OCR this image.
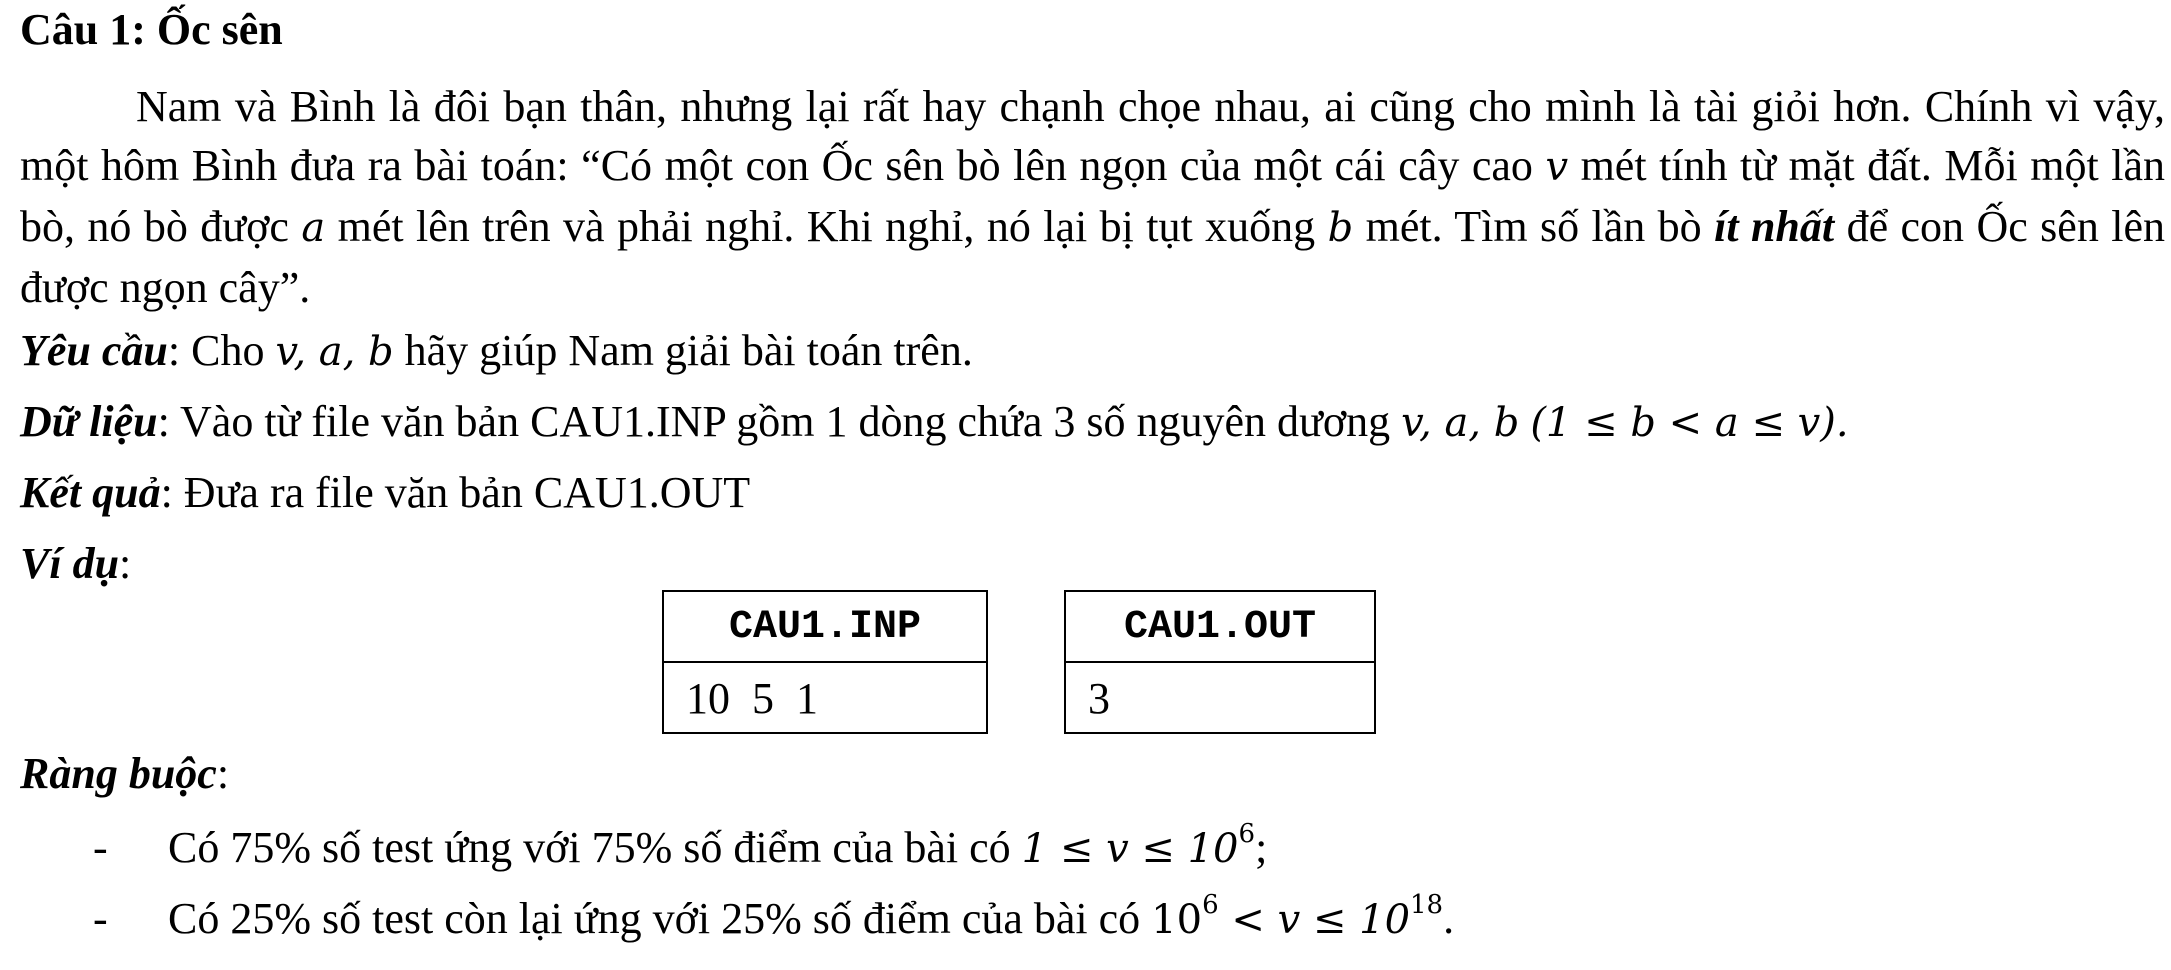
Câu 1: Ốc sên
Nam và Bình là đôi bạn thân, nhưng lại rất hay chạnh chọe nhau, ai cũng cho mình là tài giỏi hơn. Chính vì vậy, một hôm Bình đưa ra bài toán: “Có một con Ốc sên bò lên ngọn của một cái cây cao v mét tính từ mặt đất. Mỗi một lần bò, nó bò được a mét lên trên và phải nghỉ. Khi nghỉ, nó lại bị tụt xuống b mét. Tìm số lần bò ít nhất để con Ốc sên lên được ngọn cây”.
Yêu cầu: Cho v, a, b hãy giúp Nam giải bài toán trên.
Dữ liệu: Vào từ file văn bản CAU1.INP gồm 1 dòng chứa 3 số nguyên dương v, a, b (1 ≤ b < a ≤ v).
Kết quả: Đưa ra file văn bản CAU1.OUT
Ví dụ:
CAU1.INP
10  5  1
CAU1.OUT
3
Ràng buộc:
- Có 75% số test ứng với 75% số điểm của bài có $1 \le v \le 10^6$;
- Có 25% số test còn lại ứng với 25% số điểm của bài có $10^6 < v \le 10^{18}$.
